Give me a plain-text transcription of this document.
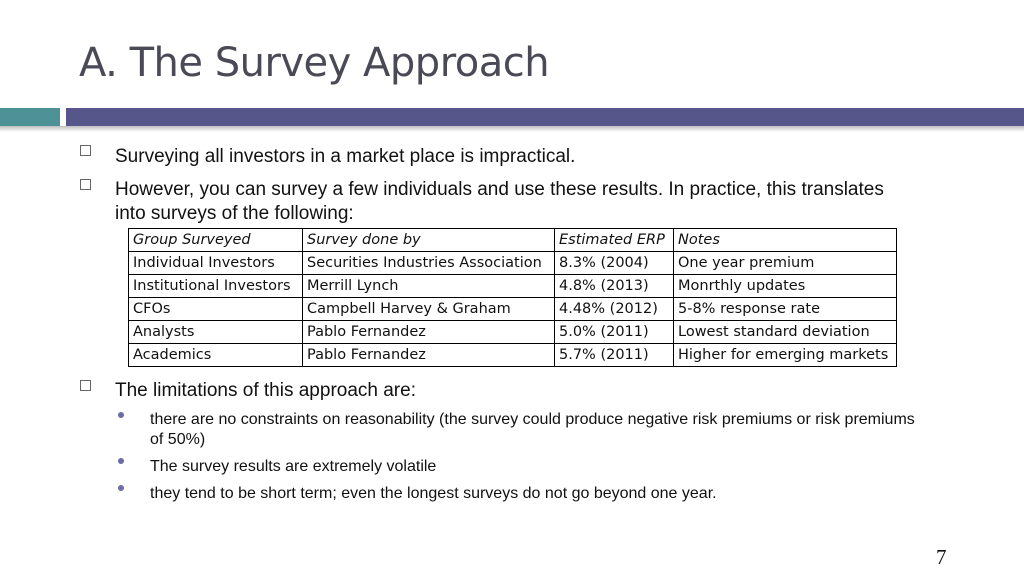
A. The Survey Approach
Surveying all investors in a market place is impractical.
However, you can survey a few individuals and use these results. In practice, this translates
into surveys of the following:
Group Surveyed	Survey done by	Estimated ERP	Notes
Individual Investors	Securities Industries Association	8.3% (2004)	One year premium
Institutional Investors	Merrill Lynch	4.8% (2013)	Monrthly updates
CFOs	Campbell Harvey & Graham	4.48% (2012)	5-8% response rate
Analysts	Pablo Fernandez	5.0% (2011)	Lowest standard deviation
Academics	Pablo Fernandez	5.7% (2011)	Higher for emerging markets
The limitations of this approach are:
there are no constraints on reasonability (the survey could produce negative risk premiums or risk premiums
of 50%)
The survey results are extremely volatile
they tend to be short term; even the longest surveys do not go beyond one year.
7
